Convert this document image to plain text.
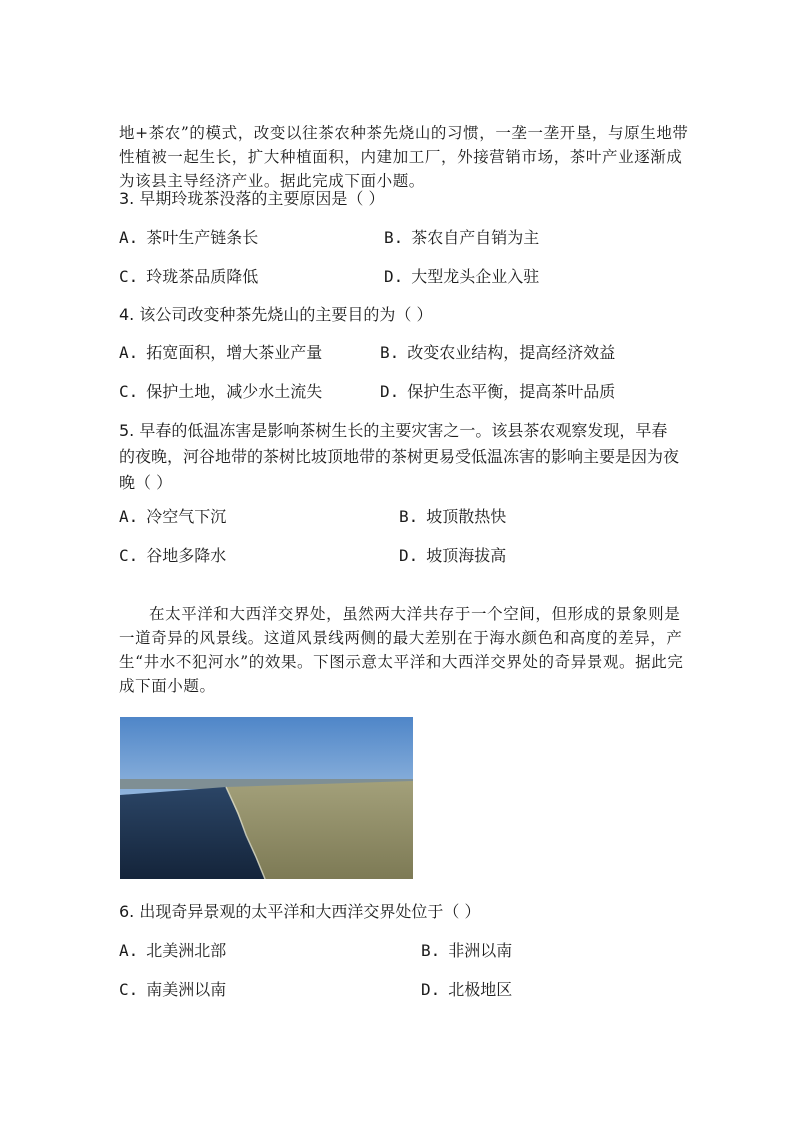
地+茶农”的模式，改变以往茶农种茶先烧山的习惯，一垄一垄开垦，与原生地带
性植被一起生长，扩大种植面积，内建加工厂，外接营销市场，茶叶产业逐渐成
为该县主导经济产业。据此完成下面小题。
3. 早期玲珑茶没落的主要原因是（ ）
A. 茶叶生产链条长	B. 茶农自产自销为主
C. 玲珑茶品质降低	D. 大型龙头企业入驻
4. 该公司改变种茶先烧山的主要目的为（ ）
A. 拓宽面积，增大茶业产量	B. 改变农业结构，提高经济效益
C. 保护土地，减少水土流失	D. 保护生态平衡，提高茶叶品质
5. 早春的低温冻害是影响茶树生长的主要灾害之一。该县茶农观察发现，早春
的夜晚，河谷地带的茶树比坡顶地带的茶树更易受低温冻害的影响主要是因为夜
晚（ ）
A. 冷空气下沉	B. 坡顶散热快
C. 谷地多降水	D. 坡顶海拔高
在太平洋和大西洋交界处，虽然两大洋共存于一个空间，但形成的景象则是
一道奇异的风景线。这道风景线两侧的最大差别在于海水颜色和高度的差异，产
生“井水不犯河水”的效果。下图示意太平洋和大西洋交界处的奇异景观。据此完
成下面小题。
6. 出现奇异景观的太平洋和大西洋交界处位于（ ）
A. 北美洲北部	B. 非洲以南
C. 南美洲以南	D. 北极地区
